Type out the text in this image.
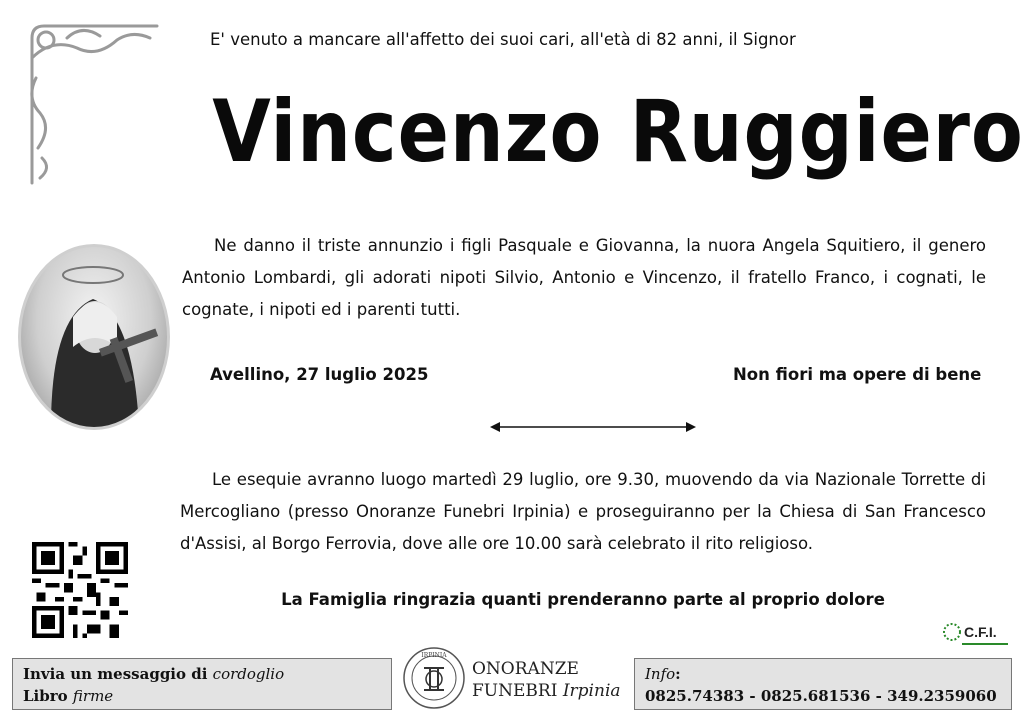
E' venuto a mancare all'affetto dei suoi cari, all'età di 82 anni, il Signor
Vincenzo Ruggiero
Ne danno il triste annunzio i figli Pasquale e Giovanna, la nuora Angela Squitiero, il genero Antonio Lombardi, gli adorati nipoti Silvio, Antonio e Vincenzo, il fratello Franco, i cognati, le cognate, i nipoti ed i parenti tutti.
Avellino, 27 luglio 2025	Non fiori ma opere di bene
Le esequie avranno luogo martedì 29 luglio, ore 9.30, muovendo da via Nazionale Torrette di Mercogliano (presso Onoranze Funebri Irpinia) e proseguiranno per la Chiesa di San Francesco d'Assisi, al Borgo Ferrovia, dove alle ore 10.00 sarà celebrato il rito religioso.
La Famiglia ringrazia quanti prenderanno parte al proprio dolore
C.F.I.
Invia un messaggio di cordoglio
Libro firme
IRPINIA
ONORANZE
FUNEBRI Irpinia
Info:
0825.74383 - 0825.681536 - 349.2359060
